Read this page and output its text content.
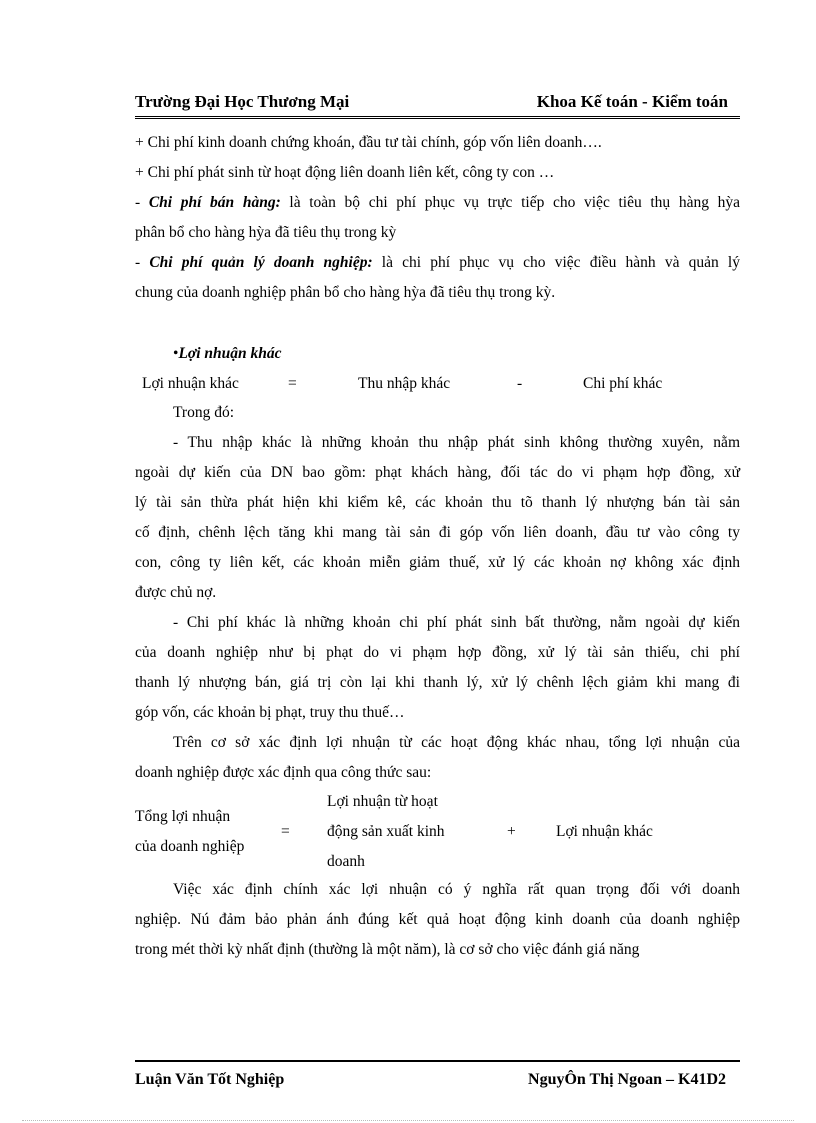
Trường Đại Học Thương Mại	Khoa Kế toán - Kiểm toán
+ Chi phí kinh doanh chứng khoán, đầu tư tài chính, góp vốn liên doanh….
+ Chi phí phát sinh từ hoạt động liên doanh liên kết, công ty con …
- Chi phí bán hàng: là toàn bộ chi phí phục vụ trực tiếp cho việc tiêu thụ hàng hỳa
phân bổ cho hàng hỳa đã tiêu thụ trong kỳ
- Chi phí quản lý doanh nghiệp: là chi phí phục vụ cho việc điều hành và quản lý
chung của doanh nghiệp phân bổ cho hàng hỳa đã tiêu thụ trong kỳ.
•Lợi nhuận khác
Lợi nhuận khác	=	Thu nhập khác	-	Chi phí khác
Trong đó:
- Thu nhập khác là những khoản thu nhập phát sinh không thường xuyên, nằm
ngoài dự kiến của DN bao gồm: phạt khách hàng, đối tác do vi phạm hợp đồng, xử
lý tài sản thừa phát hiện khi kiểm kê, các khoản thu tõ thanh lý nhượng bán tài sản
cố định, chênh lệch tăng khi mang tài sản đi góp vốn liên doanh, đầu tư vào công ty
con, công ty liên kết, các khoản miễn giảm thuế, xử lý các khoản nợ không xác định
được chủ nợ.
- Chi phí khác là những khoản chi phí phát sinh bất thường, nằm ngoài dự kiến
của doanh nghiệp như bị phạt do vi phạm hợp đồng, xử lý tài sản thiếu, chi phí
thanh lý nhượng bán, giá trị còn lại khi thanh lý, xử lý chênh lệch giảm khi mang đi
góp vốn, các khoản bị phạt, truy thu thuế…
Trên cơ sở xác định lợi nhuận từ các hoạt động khác nhau, tổng lợi nhuận của
doanh nghiệp được xác định qua công thức sau:
Tổng lợi nhuận
của doanh nghiệp
=
Lợi nhuận từ hoạt
động sản xuất kinh
doanh
+	Lợi nhuận khác
Việc xác định chính xác lợi nhuận có ý nghĩa rất quan trọng đối với doanh
nghiệp. Nú đảm bảo phản ánh đúng kết quả hoạt động kinh doanh của doanh nghiệp
trong mét thời kỳ nhất định (thường là một năm), là cơ sở cho việc đánh giá năng
Luận Văn Tốt Nghiệp	NguyÔn Thị Ngoan – K41D2
